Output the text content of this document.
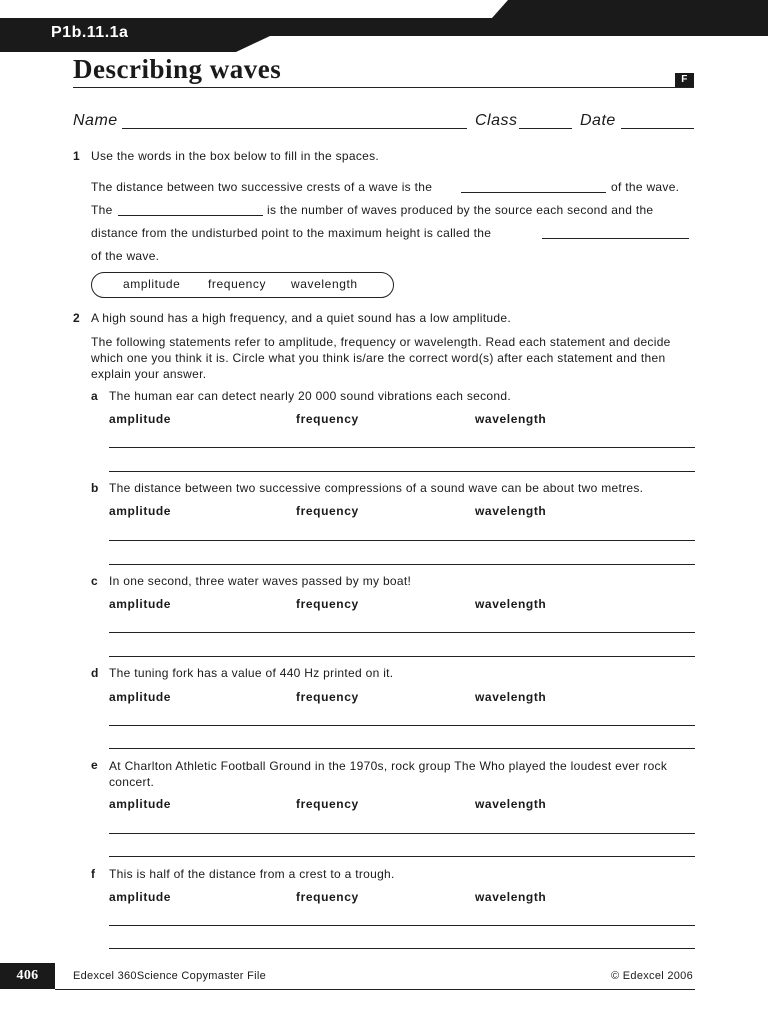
P1b.11.1a
Describing waves	F
Name	Class	Date
1 Use the words in the box below to fill in the spaces.
The distance between two successive crests of a wave is the	of the wave.
The	is the number of waves produced by the source each second and the
distance from the undisturbed point to the maximum height is called the
of the wave.
amplitude frequency wavelength
2 A high sound has a high frequency, and a quiet sound has a low amplitude.
The following statements refer to amplitude, frequency or wavelength. Read each statement and decide which one you think it is. Circle what you think is/are the correct word(s) after each statement and then explain your answer.
a The human ear can detect nearly 20 000 sound vibrations each second.
amplitude	frequency	wavelength
b The distance between two successive compressions of a sound wave can be about two metres.
amplitude	frequency	wavelength
c In one second, three water waves passed by my boat!
amplitude	frequency	wavelength
d The tuning fork has a value of 440 Hz printed on it.
amplitude	frequency	wavelength
e At Charlton Athletic Football Ground in the 1970s, rock group The Who played the loudest ever rock concert.
amplitude	frequency	wavelength
f This is half of the distance from a crest to a trough.
amplitude	frequency	wavelength
406	Edexcel 360Science Copymaster File	© Edexcel 2006
